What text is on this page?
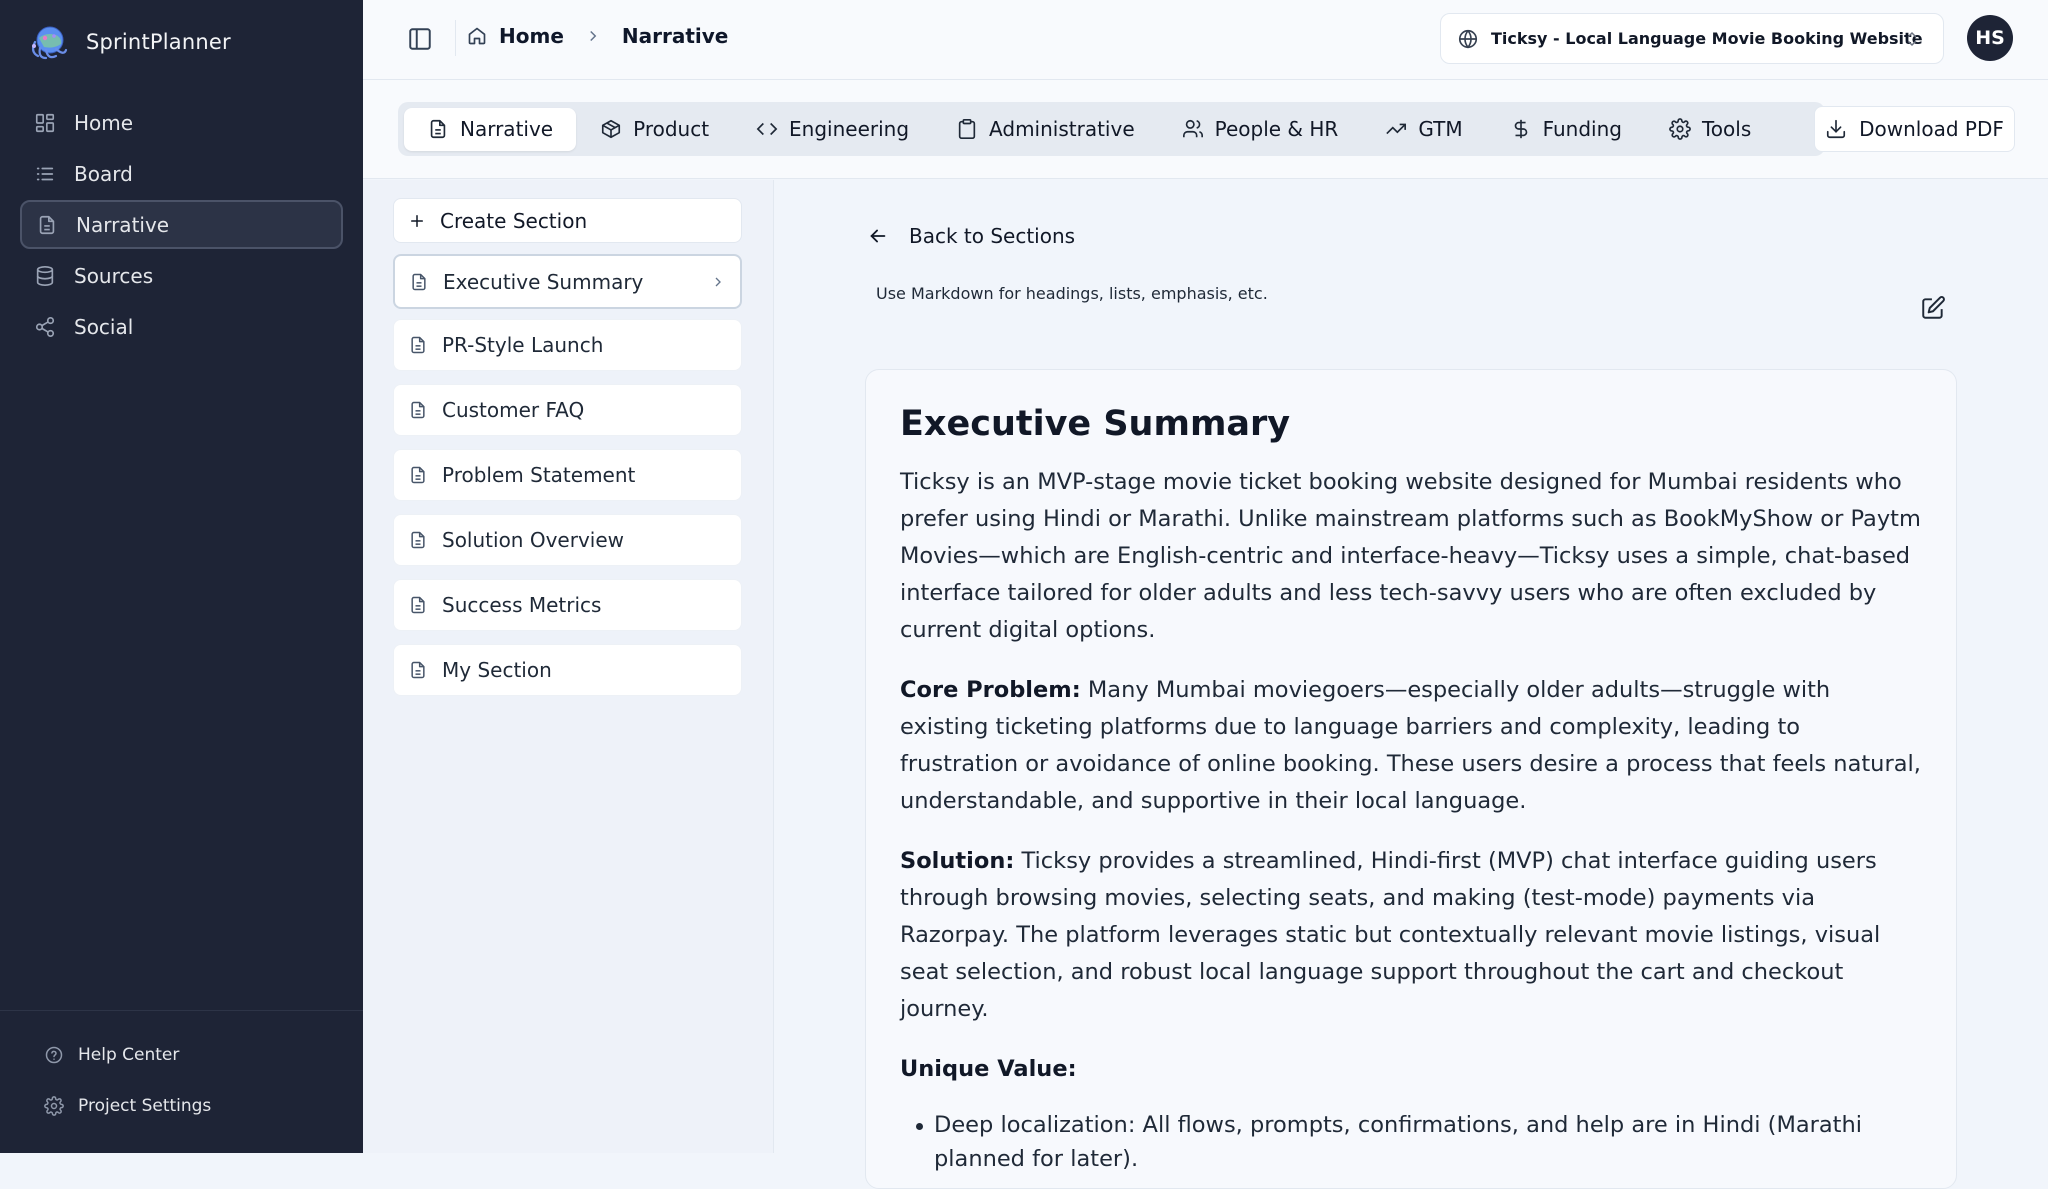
SprintPlanner
Home
Board
Narrative
Sources
Social
Help Center
Project Settings
Home	Narrative	Ticksy - Local Language Movie Booking Website	HS
Narrative	Product	Engineering	Administrative	People & HR	GTM	Funding	Tools	Download PDF
Create Section
Executive Summary
PR-Style Launch
Customer FAQ
Problem Statement
Solution Overview
Success Metrics
My Section
Back to Sections
Use Markdown for headings, lists, emphasis, etc.
Executive Summary

Ticksy is an MVP-stage movie ticket booking website designed for Mumbai residents who prefer using Hindi or Marathi. Unlike mainstream platforms such as BookMyShow or Paytm Movies—which are English-centric and interface-heavy—Ticksy uses a simple, chat-based interface tailored for older adults and less tech-savvy users who are often excluded by current digital options.

Core Problem: Many Mumbai moviegoers—especially older adults—struggle with existing ticketing platforms due to language barriers and complexity, leading to frustration or avoidance of online booking. These users desire a process that feels natural, understandable, and supportive in their local language.

Solution: Ticksy provides a streamlined, Hindi-first (MVP) chat interface guiding users through browsing movies, selecting seats, and making (test-mode) payments via Razorpay. The platform leverages static but contextually relevant movie listings, visual seat selection, and robust local language support throughout the cart and checkout journey.

Unique Value:
Deep localization: All flows, prompts, confirmations, and help are in Hindi (Marathi planned for later).
